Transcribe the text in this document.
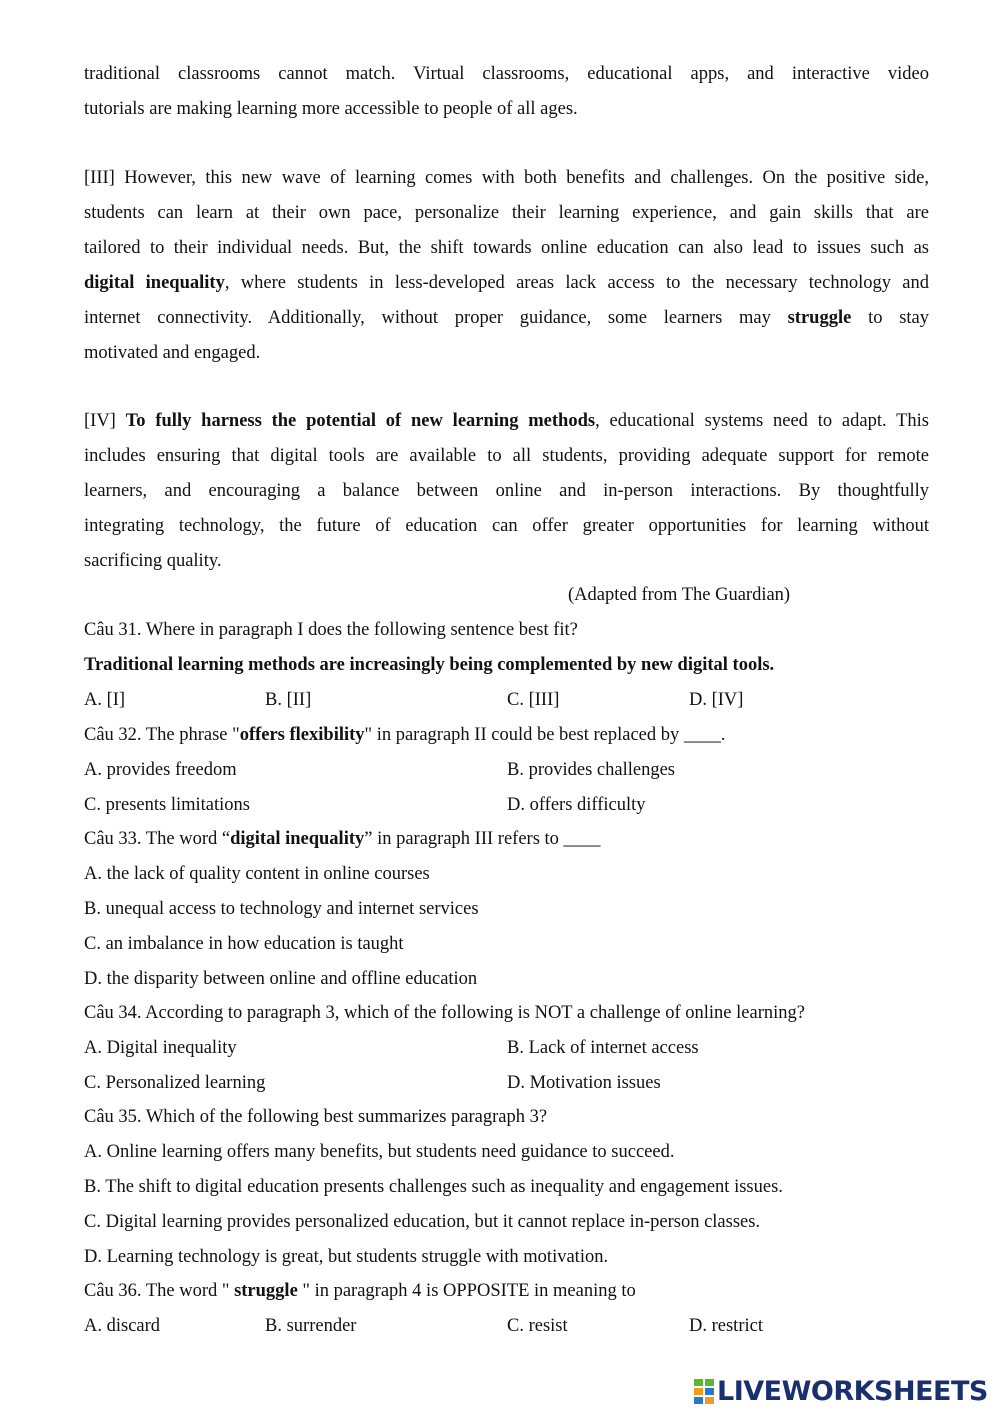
traditional classrooms cannot match. Virtual classrooms, educational apps, and interactive video
tutorials are making learning more accessible to people of all ages.
[III] However, this new wave of learning comes with both benefits and challenges. On the positive side,
students can learn at their own pace, personalize their learning experience, and gain skills that are
tailored to their individual needs. But, the shift towards online education can also lead to issues such as
digital inequality, where students in less-developed areas lack access to the necessary technology and
internet connectivity. Additionally, without proper guidance, some learners may struggle to stay
motivated and engaged.
[IV] To fully harness the potential of new learning methods, educational systems need to adapt. This
includes ensuring that digital tools are available to all students, providing adequate support for remote
learners, and encouraging a balance between online and in-person interactions. By thoughtfully
integrating technology, the future of education can offer greater opportunities for learning without
sacrificing quality.
(Adapted from The Guardian)
Câu 31. Where in paragraph I does the following sentence best fit?
Traditional learning methods are increasingly being complemented by new digital tools.
A. [I]	B. [II]	C. [III]	D. [IV]
Câu 32. The phrase "offers flexibility" in paragraph II could be best replaced by ____.
A. provides freedom	B. provides challenges
C. presents limitations	D. offers difficulty
Câu 33. The word “digital inequality” in paragraph III refers to ____
A. the lack of quality content in online courses
B. unequal access to technology and internet services
C. an imbalance in how education is taught
D. the disparity between online and offline education
Câu 34. According to paragraph 3, which of the following is NOT a challenge of online learning?
A. Digital inequality	B. Lack of internet access
C. Personalized learning	D. Motivation issues
Câu 35. Which of the following best summarizes paragraph 3?
A. Online learning offers many benefits, but students need guidance to succeed.
B. The shift to digital education presents challenges such as inequality and engagement issues.
C. Digital learning provides personalized education, but it cannot replace in-person classes.
D. Learning technology is great, but students struggle with motivation.
Câu 36. The word " struggle " in paragraph 4 is OPPOSITE in meaning to
A. discard	B. surrender	C. resist	D. restrict
LIVEWORKSHEETS
